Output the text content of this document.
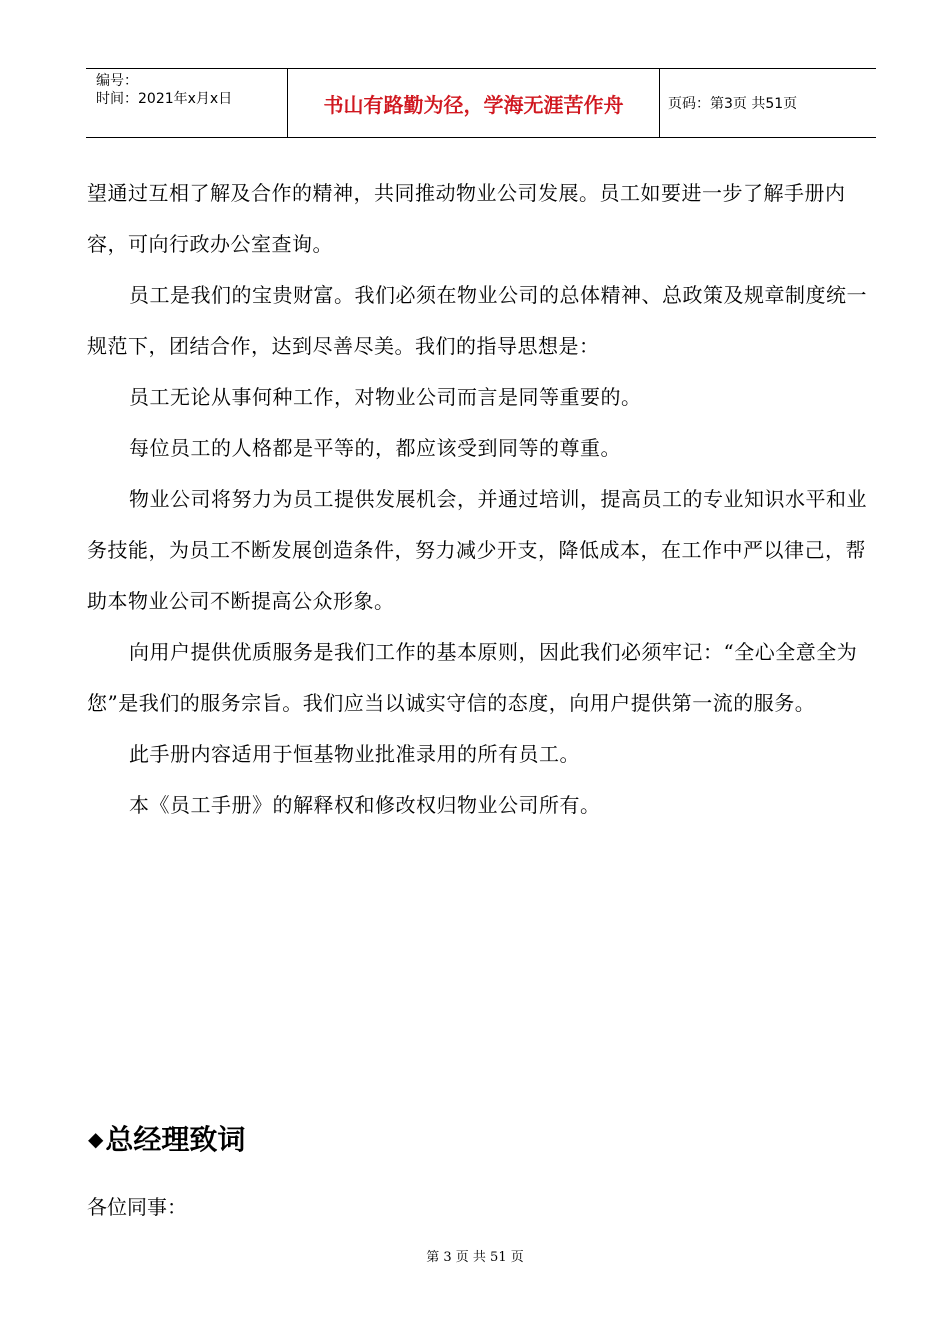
编号：
时间：2021年x月x日	书山有路勤为径，学海无涯苦作舟	页码：第3页 共51页

望通过互相了解及合作的精神，共同推动物业公司发展。员工如要进一步了解手册内容，可向行政办公室查询。

员工是我们的宝贵财富。我们必须在物业公司的总体精神、总政策及规章制度统一规范下，团结合作，达到尽善尽美。我们的指导思想是：

员工无论从事何种工作，对物业公司而言是同等重要的。

每位员工的人格都是平等的，都应该受到同等的尊重。

物业公司将努力为员工提供发展机会，并通过培训，提高员工的专业知识水平和业务技能，为员工不断发展创造条件，努力减少开支，降低成本，在工作中严以律己，帮助本物业公司不断提高公众形象。

向用户提供优质服务是我们工作的基本原则，因此我们必须牢记：“全心全意全为您”是我们的服务宗旨。我们应当以诚实守信的态度，向用户提供第一流的服务。

此手册内容适用于恒基物业批准录用的所有员工。

本《员工手册》的解释权和修改权归物业公司所有。

◆总经理致词

各位同事：

第 3 页 共 51 页
